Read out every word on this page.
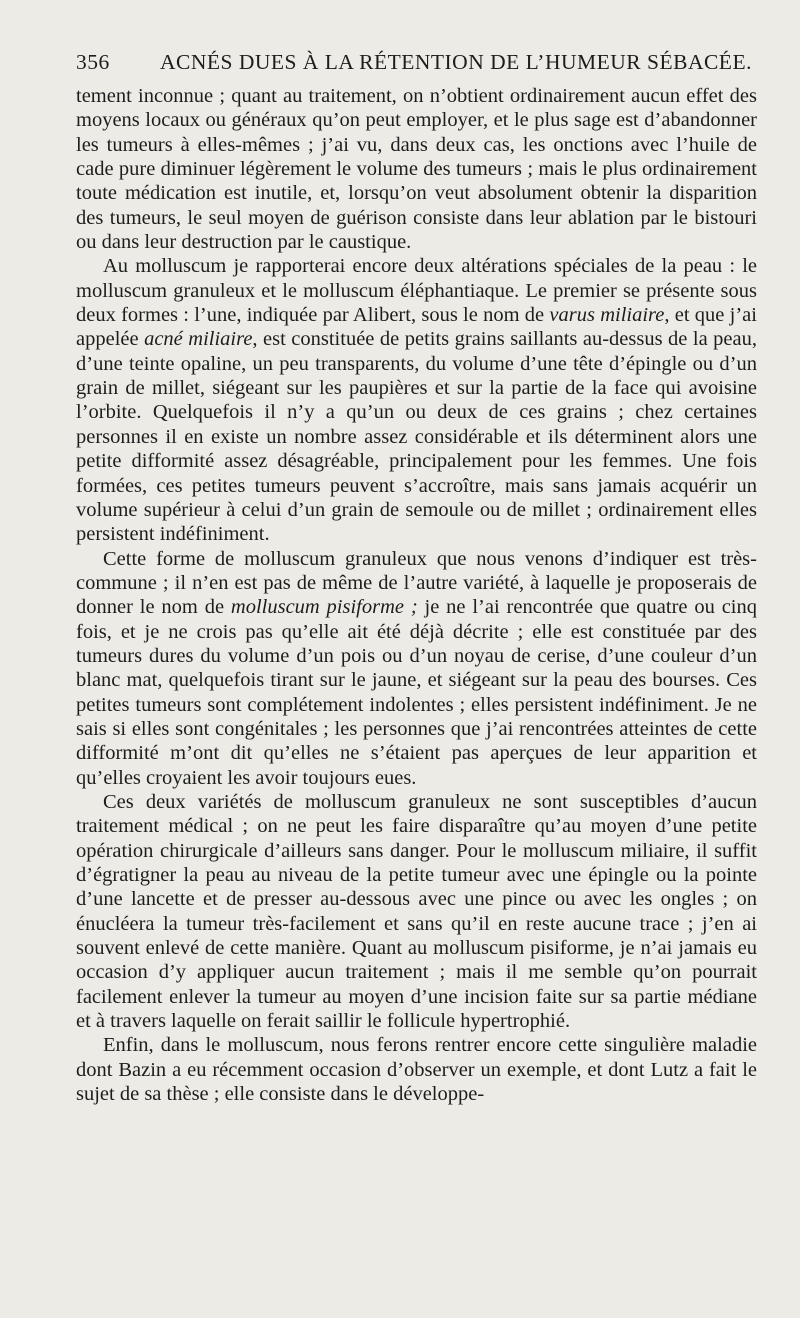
356 ACNÉS DUES À LA RÉTENTION DE L’HUMEUR SÉBACÉE.

tement inconnue ; quant au traitement, on n’obtient ordinairement aucun effet des moyens locaux ou généraux qu’on peut employer, et le plus sage est d’abandonner les tumeurs à elles-mêmes ; j’ai vu, dans deux cas, les onctions avec l’huile de cade pure diminuer légèrement le volume des tumeurs ; mais le plus ordinairement toute médication est inutile, et, lorsqu’on veut absolument obtenir la disparition des tumeurs, le seul moyen de guérison consiste dans leur ablation par le bistouri ou dans leur destruction par le caustique.

Au molluscum je rapporterai encore deux altérations spéciales de la peau : le molluscum granuleux et le molluscum éléphantiaque. Le premier se présente sous deux formes : l’une, indiquée par Alibert, sous le nom de varus miliaire, et que j’ai appelée acné miliaire, est constituée de petits grains saillants au-dessus de la peau, d’une teinte opaline, un peu transparents, du volume d’une tête d’épingle ou d’un grain de millet, siégeant sur les paupières et sur la partie de la face qui avoisine l’orbite. Quelquefois il n’y a qu’un ou deux de ces grains ; chez certaines personnes il en existe un nombre assez considérable et ils déterminent alors une petite difformité assez désagréable, principalement pour les femmes. Une fois formées, ces petites tumeurs peuvent s’accroître, mais sans jamais acquérir un volume supérieur à celui d’un grain de semoule ou de millet ; ordinairement elles persistent indéfiniment.

Cette forme de molluscum granuleux que nous venons d’indiquer est très-commune ; il n’en est pas de même de l’autre variété, à laquelle je proposerais de donner le nom de molluscum pisiforme ; je ne l’ai rencontrée que quatre ou cinq fois, et je ne crois pas qu’elle ait été déjà décrite ; elle est constituée par des tumeurs dures du volume d’un pois ou d’un noyau de cerise, d’une couleur d’un blanc mat, quelquefois tirant sur le jaune, et siégeant sur la peau des bourses. Ces petites tumeurs sont complétement indolentes ; elles persistent indéfiniment. Je ne sais si elles sont congénitales ; les personnes que j’ai rencontrées atteintes de cette difformité m’ont dit qu’elles ne s’étaient pas aperçues de leur apparition et qu’elles croyaient les avoir toujours eues.

Ces deux variétés de molluscum granuleux ne sont susceptibles d’aucun traitement médical ; on ne peut les faire disparaître qu’au moyen d’une petite opération chirurgicale d’ailleurs sans danger. Pour le molluscum miliaire, il suffit d’égratigner la peau au niveau de la petite tumeur avec une épingle ou la pointe d’une lancette et de presser au-dessous avec une pince ou avec les ongles ; on énucléera la tumeur très-facilement et sans qu’il en reste aucune trace ; j’en ai souvent enlevé de cette manière. Quant au molluscum pisiforme, je n’ai jamais eu occasion d’y appliquer aucun traitement ; mais il me semble qu’on pourrait facilement enlever la tumeur au moyen d’une incision faite sur sa partie médiane et à travers laquelle on ferait saillir le follicule hypertrophié.

Enfin, dans le molluscum, nous ferons rentrer encore cette singulière maladie dont Bazin a eu récemment occasion d’observer un exemple, et dont Lutz a fait le sujet de sa thèse ; elle consiste dans le développe-
